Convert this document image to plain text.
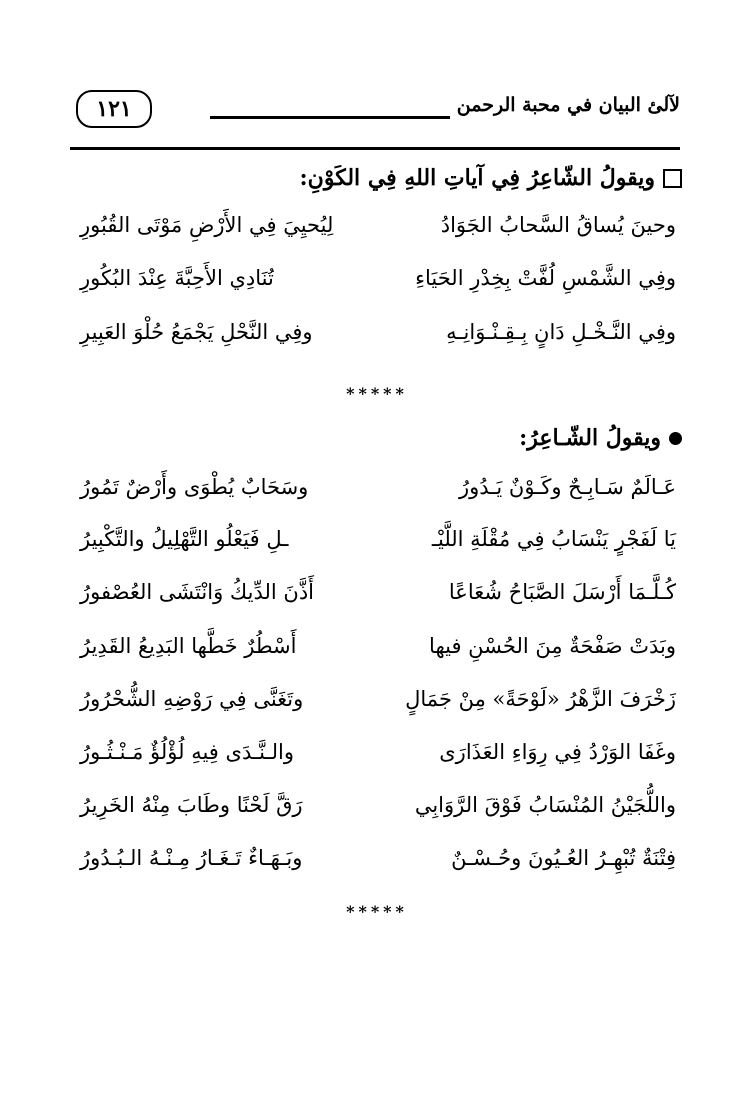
١٢١	لآلئ البيان في محبة الرحمن
ويقولُ الشّاعِرُ فِي آياتِ اللهِ فِي الكَوْنِ:
وحينَ يُساقُ السَّحابُ الجَوَادُ
لِيُحيِيَ فِي الأَرْضِ مَوْتَى القُبُورِ
وفِي الشَّمْسِ لُفَّتْ بِخِدْرِ الحَيَاءِ
تُنَادِي الأَحِبَّةَ عِنْدَ البُكُورِ
وفِي النَّـخْـلِ دَانٍ بِـقِـنْـوَانِـهِ
وفِي النَّحْلِ يَجْمَعُ حُلْوَ العَبِيرِ
*****
ويقولُ الشّـاعِرُ:
عَـالَمٌ سَـابِـحٌ وكَـوْنٌ يَـدُورُ
وسَحَابٌ يُطْوَى وأَرْضٌ تَمُورُ
يَا لَفَجْرٍ يَنْسَابُ فِي مُقْلَةِ اللَّيْـ
ـلِ فَيَعْلُو التَّهْلِيلُ والتَّكْبِيرُ
كُـلَّـمَا أَرْسَلَ الصَّبَاحُ شُعَاعًا
أَذَّنَ الدِّيكُ وَانْتَشَى العُصْفورُ
وبَدَتْ صَفْحَةٌ مِنَ الحُسْنِ فيها
أَسْطُرٌ خَطَّها البَدِيعُ القَدِيرُ
زَخْرَفَ الزَّهْرُ «لَوْحَةً» مِنْ جَمَالٍ
وتَغَنَّى فِي رَوْضِهِ الشُّحْرُورُ
وغَفَا الوَرْدُ فِي رِوَاءِ العَذَارَى
والـنَّـدَى فِيهِ لُؤْلُؤٌ مَـنْـثُـورُ
واللُّجَيْنُ المُنْسَابُ فَوْقَ الرَّوَابِي
رَقَّ لَحْنًا وطَابَ مِنْهُ الخَرِيرُ
فِتْنَةٌ تُبْهِـرُ العُـيُونَ وحُـسْـنٌ
وبَـهَـاءٌ تَـغَـارُ مِـنْـهُ الـبُـدُورُ
*****
